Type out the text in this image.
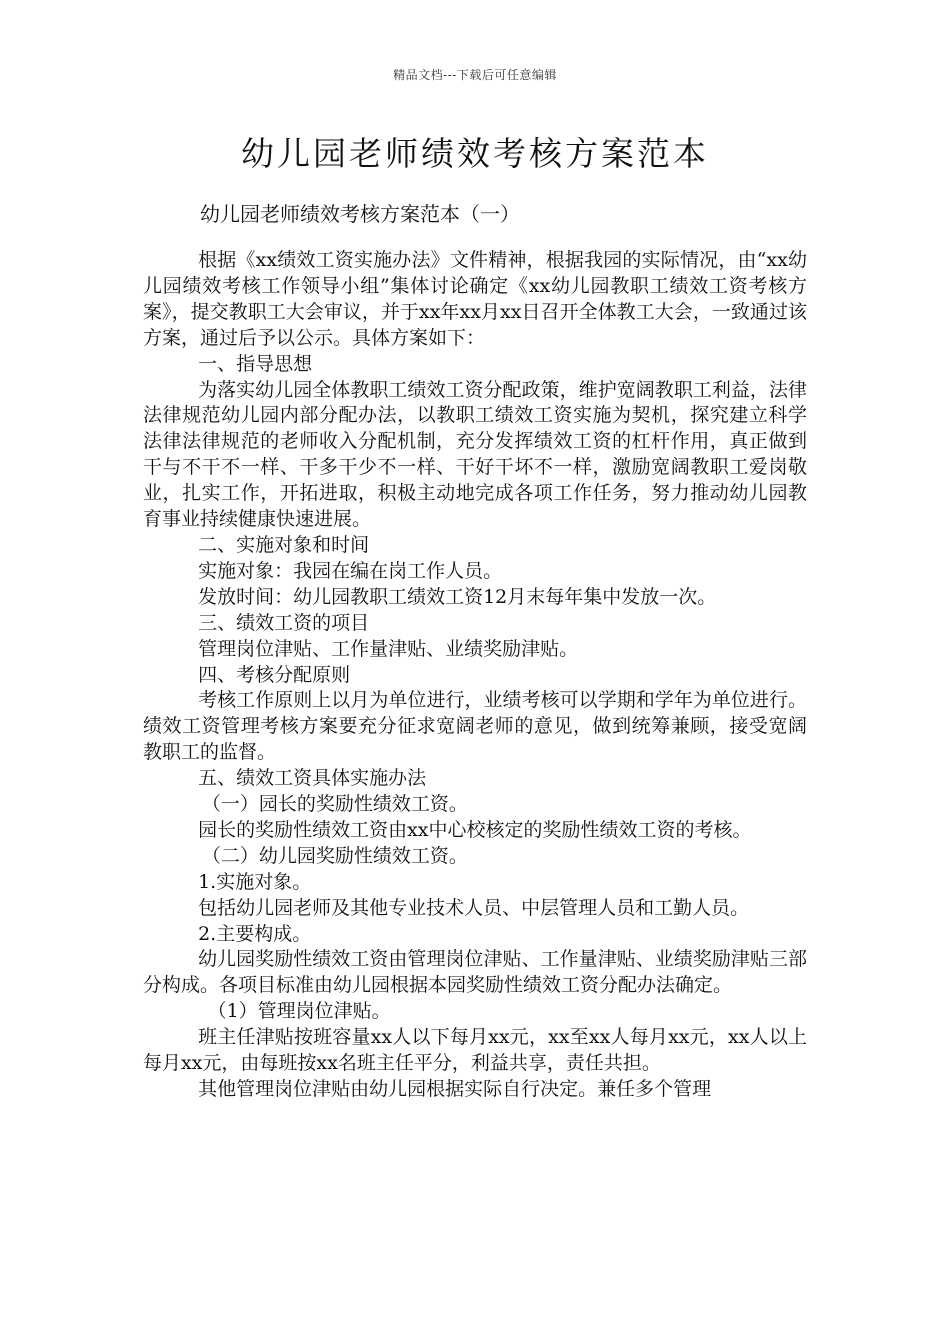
精品文档---下载后可任意编辑
幼儿园老师绩效考核方案范本
幼儿园老师绩效考核方案范本（一）

根据《xx绩效工资实施办法》文件精神，根据我园的实际情况，由“xx幼儿园绩效考核工作领导小组”集体讨论确定《xx幼儿园教职工绩效工资考核方案》，提交教职工大会审议，并于xx年xx月xx日召开全体教工大会，一致通过该方案，通过后予以公示。具体方案如下：

一、指导思想

为落实幼儿园全体教职工绩效工资分配政策，维护宽阔教职工利益，法律法律规范幼儿园内部分配办法，以教职工绩效工资实施为契机，探究建立科学法律法律规范的老师收入分配机制，充分发挥绩效工资的杠杆作用，真正做到干与不干不一样、干多干少不一样、干好干坏不一样，激励宽阔教职工爱岗敬业，扎实工作，开拓进取，积极主动地完成各项工作任务，努力推动幼儿园教育事业持续健康快速进展。

二、实施对象和时间

实施对象：我园在编在岗工作人员。

发放时间：幼儿园教职工绩效工资12月末每年集中发放一次。

三、绩效工资的项目

管理岗位津贴、工作量津贴、业绩奖励津贴。

四、考核分配原则

考核工作原则上以月为单位进行，业绩考核可以学期和学年为单位进行。绩效工资管理考核方案要充分征求宽阔老师的意见，做到统筹兼顾，接受宽阔教职工的监督。

五、绩效工资具体实施办法

（一）园长的奖励性绩效工资。

园长的奖励性绩效工资由xx中心校核定的奖励性绩效工资的考核。

（二）幼儿园奖励性绩效工资。

1.实施对象。

包括幼儿园老师及其他专业技术人员、中层管理人员和工勤人员。

2.主要构成。

幼儿园奖励性绩效工资由管理岗位津贴、工作量津贴、业绩奖励津贴三部分构成。各项目标准由幼儿园根据本园奖励性绩效工资分配办法确定。

（1）管理岗位津贴。

班主任津贴按班容量xx人以下每月xx元，xx至xx人每月xx元，xx人以上每月xx元，由每班按xx名班主任平分，利益共享，责任共担。

其他管理岗位津贴由幼儿园根据实际自行决定。兼任多个管理
